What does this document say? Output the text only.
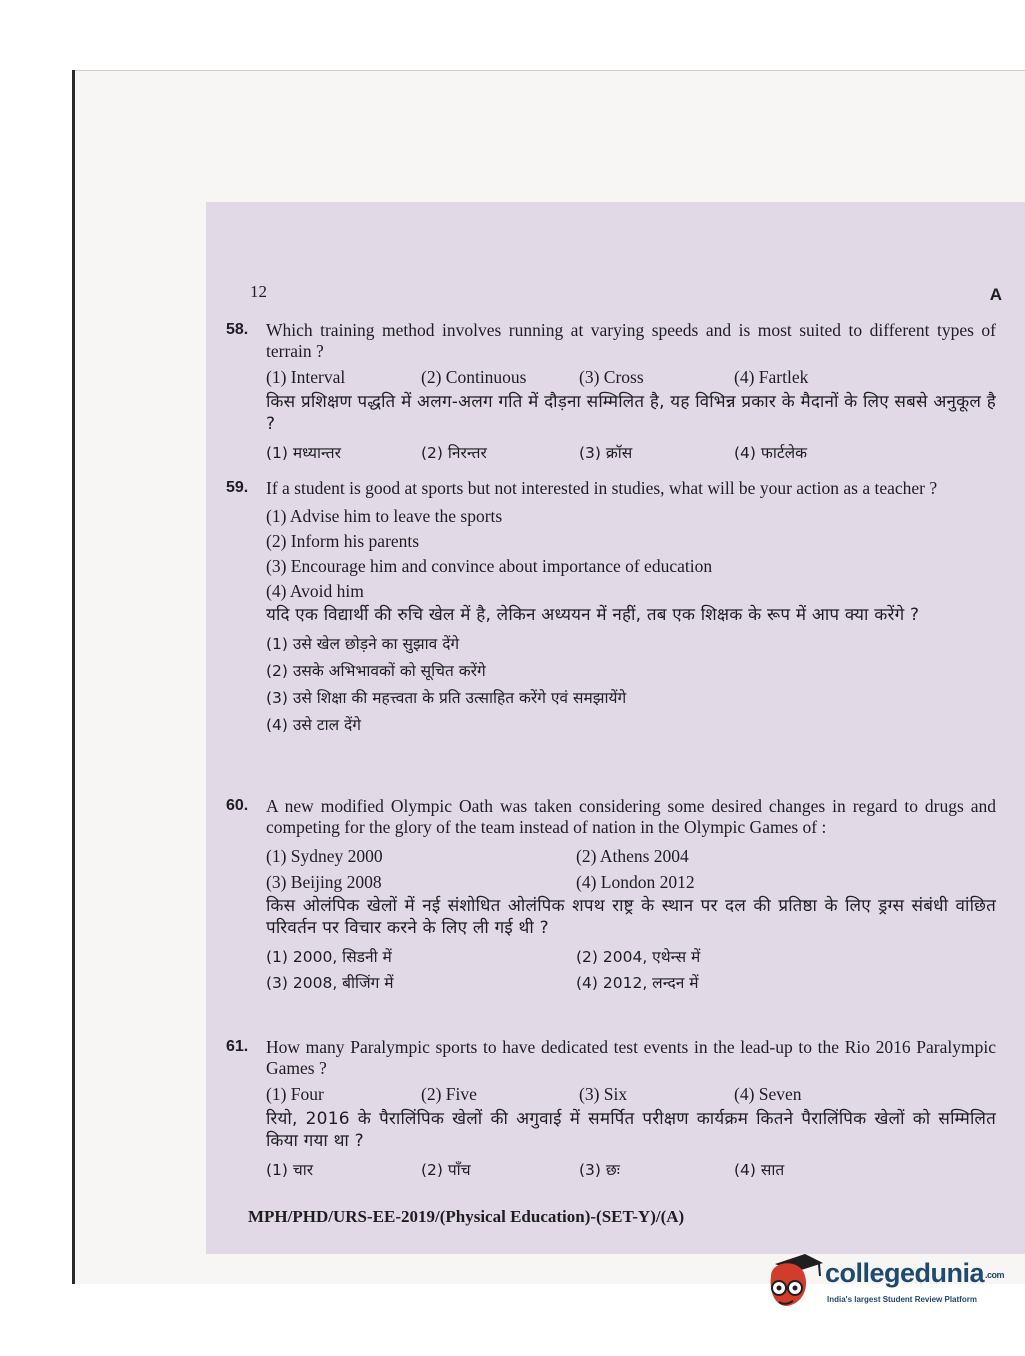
12	A
58. Which training method involves running at varying speeds and is most suited to different types of terrain ?
(1) Interval	(2) Continuous	(3) Cross	(4) Fartlek
किस प्रशिक्षण पद्धति में अलग-अलग गति में दौड़ना सम्मिलित है, यह विभिन्न प्रकार के मैदानों के लिए सबसे अनुकूल है ?
(1) मध्यान्तर	(2) निरन्तर	(3) क्रॉस	(4) फार्टलेक
59. If a student is good at sports but not interested in studies, what will be your action as a teacher ?
(1) Advise him to leave the sports
(2) Inform his parents
(3) Encourage him and convince about importance of education
(4) Avoid him
यदि एक विद्यार्थी की रुचि खेल में है, लेकिन अध्ययन में नहीं, तब एक शिक्षक के रूप में आप क्या करेंगे ?
(1) उसे खेल छोड़ने का सुझाव देंगे
(2) उसके अभिभावकों को सूचित करेंगे
(3) उसे शिक्षा की महत्त्वता के प्रति उत्साहित करेंगे एवं समझायेंगे
(4) उसे टाल देंगे
60. A new modified Olympic Oath was taken considering some desired changes in regard to drugs and competing for the glory of the team instead of nation in the Olympic Games of :
(1) Sydney 2000	(2) Athens 2004
(3) Beijing 2008	(4) London 2012
किस ओलंपिक खेलों में नई संशोधित ओलंपिक शपथ राष्ट्र के स्थान पर दल की प्रतिष्ठा के लिए ड्रग्स संबंधी वांछित परिवर्तन पर विचार करने के लिए ली गई थी ?
(1) 2000, सिडनी में	(2) 2004, एथेन्स में
(3) 2008, बीजिंग में	(4) 2012, लन्दन में
61. How many Paralympic sports to have dedicated test events in the lead-up to the Rio 2016 Paralympic Games ?
(1) Four	(2) Five	(3) Six	(4) Seven
रियो, 2016 के पैरालिंपिक खेलों की अगुवाई में समर्पित परीक्षण कार्यक्रम कितने पैरालिंपिक खेलों को सम्मिलित किया गया था ?
(1) चार	(2) पाँच	(3) छः	(4) सात
MPH/PHD/URS-EE-2019/(Physical Education)-(SET-Y)/(A)
collegedunia.com
India's largest Student Review Platform
